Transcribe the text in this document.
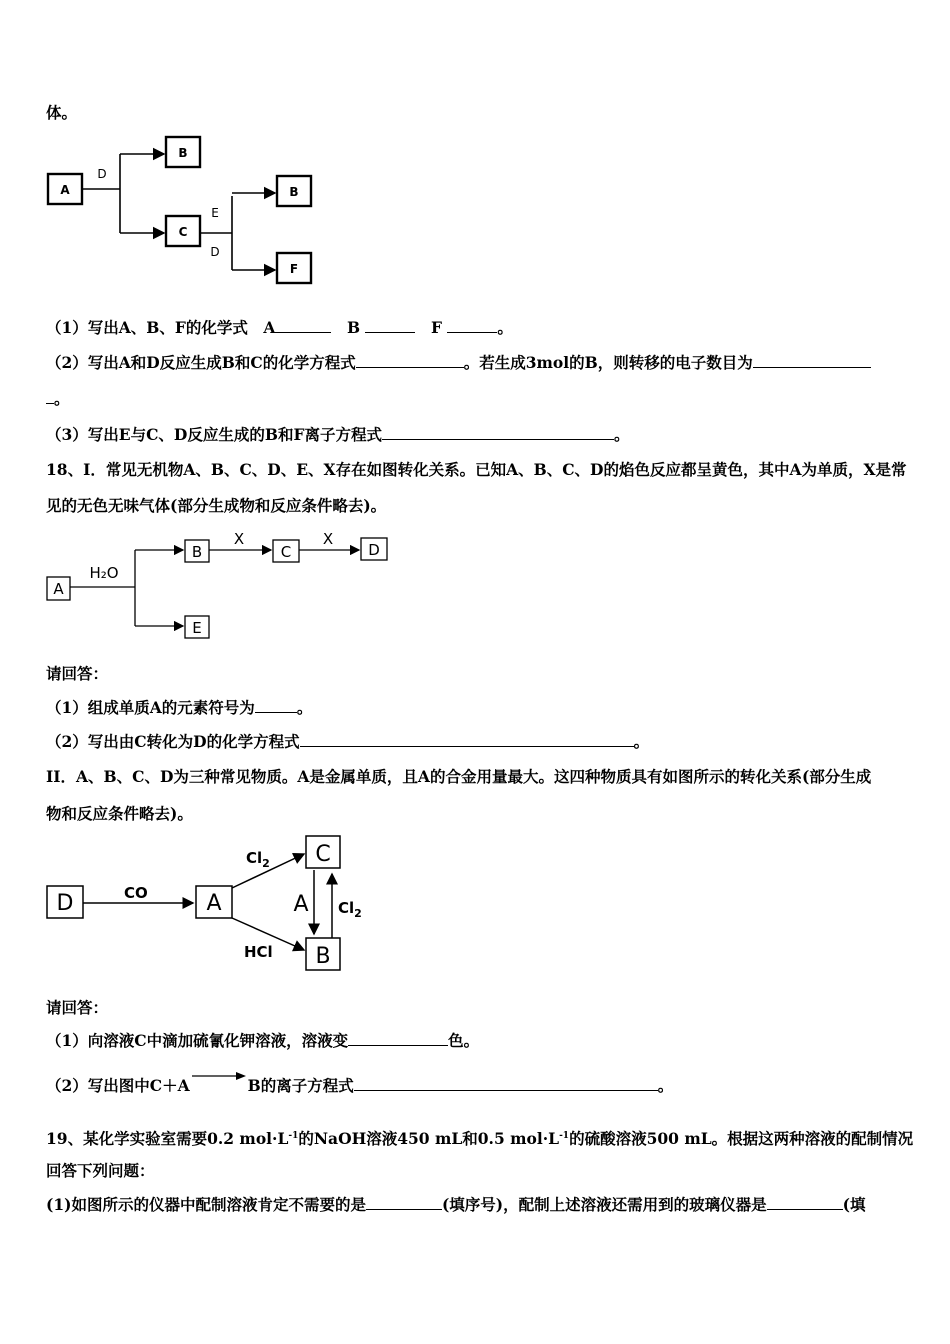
体。
A
B
C
B
F
D
E
D
（1）写出A、B、F的化学式　A	　B	　F	。
（2）写出A和D反应生成B和C的化学方程式	。若生成3mol的B，则转移的电子数目为
。
（3）写出E与C、D反应生成的B和F离子方程式	。
18、I．常见无机物A、B、C、D、E、X存在如图转化关系。已知A、B、C、D的焰色反应都呈黄色，其中A为单质，X是常
见的无色无味气体(部分生成物和反应条件略去)。
A
B	C	D
E
H₂O
X	X
请回答：
（1）组成单质A的元素符号为	。
（2）写出由C转化为D的化学方程式	。
II．A、B、C、D为三种常见物质。A是金属单质，且A的合金用量最大。这四种物质具有如图所示的转化关系(部分生成
物和反应条件略去)。
D	A
C
B
A
CO
$Cl_2$
HCl
$Cl_2$
请回答：
（1）向溶液C中滴加硫氰化钾溶液，溶液变	色。
（2）写出图中C＋A→B的离子方程式	。
19、某化学实验室需要0.2 $mol\cdot L^{-1}$的NaOH溶液450 mL和0.5 $mol\cdot L^{-1}$的硫酸溶液500 mL。根据这两种溶液的配制情况
回答下列问题：
(1)如图所示的仪器中配制溶液肯定不需要的是	(填序号)，配制上述溶液还需用到的玻璃仪器是	(填
